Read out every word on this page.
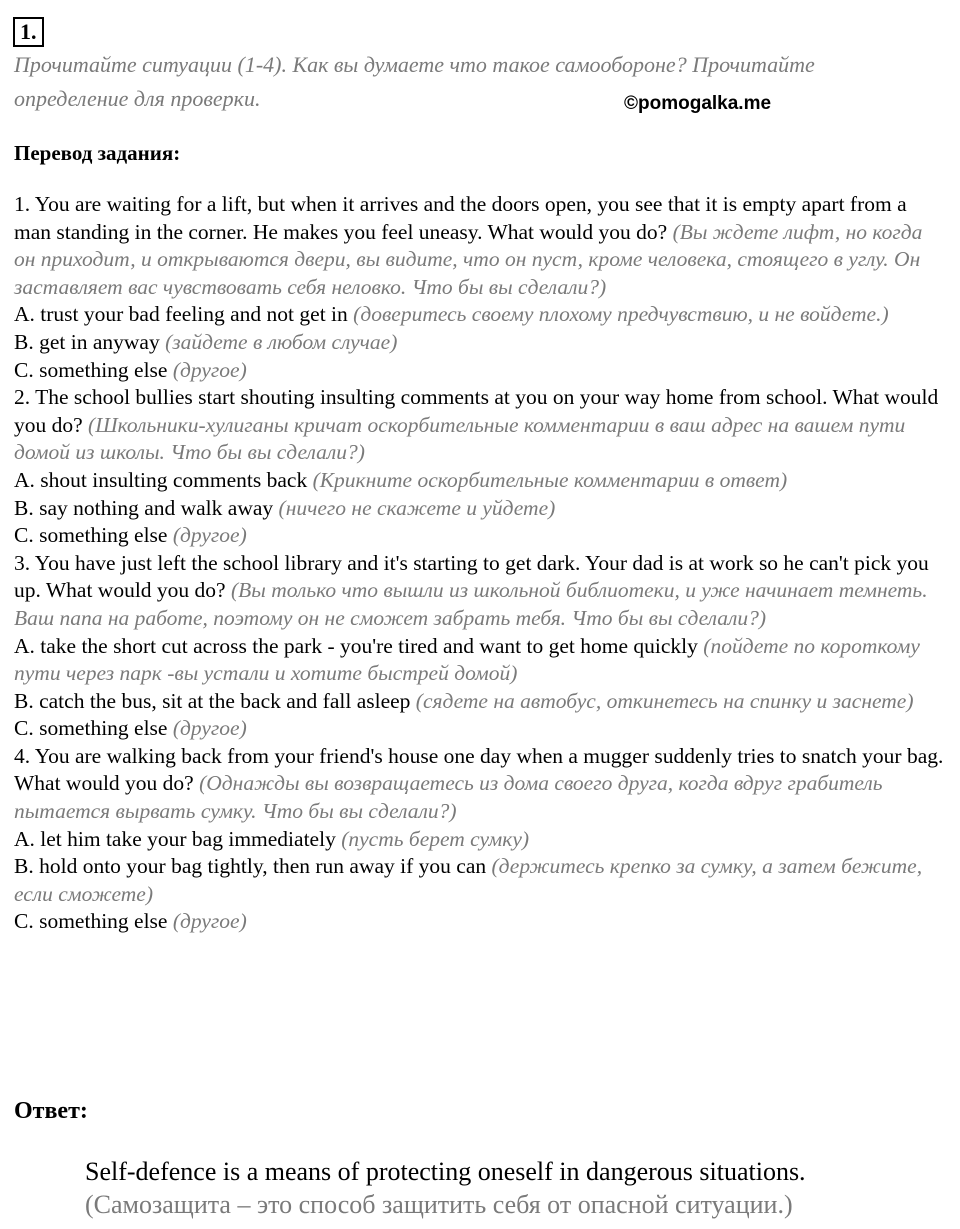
1.

Прочитайте ситуации (1-4). Как вы думаете что такое самообороне? Прочитайте определение для проверки.	©pomogalka.me

Перевод задания:

1. You are waiting for a lift, but when it arrives and the doors open, you see that it is empty apart from a man standing in the corner. He makes you feel uneasy. What would you do? (Вы ждете лифт, но когда он приходит, и открываются двери, вы видите, что он пуст, кроме человека, стоящего в углу. Он заставляет вас чувствовать себя неловко. Что бы вы сделали?)

A. trust your bad feeling and not get in (доверитесь своему плохому предчувствию, и не войдете.)

B. get in anyway (зайдете в любом случае)

C. something else (другое)

2. The school bullies start shouting insulting comments at you on your way home from school. What would you do? (Школьники-хулиганы кричат оскорбительные комментарии в ваш адрес на вашем пути домой из школы. Что бы вы сделали?)

A. shout insulting comments back (Крикните оскорбительные комментарии в ответ)

B. say nothing and walk away (ничего не скажете и уйдете)

C. something else (другое)

3. You have just left the school library and it's starting to get dark. Your dad is at work so he can't pick you up. What would you do? (Вы только что вышли из школьной библиотеки, и уже начинает темнеть. Ваш папа на работе, поэтому он не сможет забрать тебя. Что бы вы сделали?)

A. take the short cut across the park - you're tired and want to get home quickly (пойдете по короткому пути через парк -вы устали и хотите быстрей домой)

B. catch the bus, sit at the back and fall asleep (сядете на автобус, откинетесь на спинку и заснете)

C. something else (другое)

4. You are walking back from your friend's house one day when a mugger suddenly tries to snatch your bag. What would you do? (Однажды вы возвращаетесь из дома своего друга, когда вдруг грабитель пытается вырвать сумку. Что бы вы сделали?)

A. let him take your bag immediately (пусть берет сумку)

B. hold onto your bag tightly, then run away if you can (держитесь крепко за сумку, а затем бежите, если сможете)

C. something else (другое)

Ответ:

Self-defence is a means of protecting oneself in dangerous situations.

(Самозащита – это способ защитить себя от опасной ситуации.)
